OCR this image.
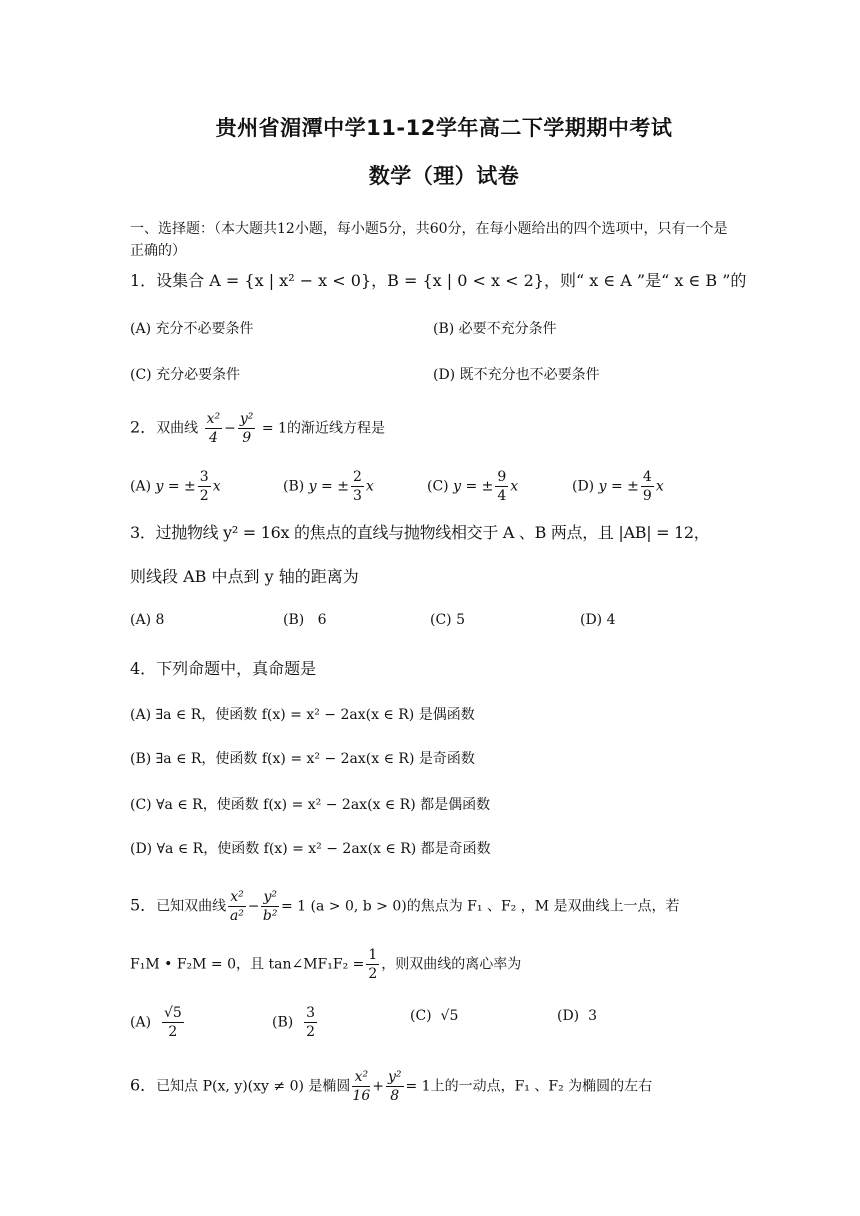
贵州省湄潭中学11-12学年高二下学期期中考试
数学（理）试卷
一、选择题：（本大题共12小题，每小题5分，共60分，在每小题给出的四个选项中，只有一个是正确的）
1．设集合 A = {x | x² − x < 0}，B = {x | 0 < x < 2}，则“ x ∈ A ”是“ x ∈ B ”的
(A) 充分不必要条件	(B) 必要不充分条件
(C) 充分必要条件	(D) 既不充分也不必要条件
2．双曲线 $\frac{\text{x²}}{4} - \frac{\text{y²}}{9} = 1$的渐近线方程是
(A) y = ± $\frac{3}{2}$ x	(B) y = ± $\frac{2}{3}$ x	(C) y = ± $\frac{9}{4}$ x	(D) y = ± $\frac{4}{9}$ x
3．过抛物线 y² = 16x 的焦点的直线与抛物线相交于 A 、B 两点，且 |AB| = 12，
则线段 AB 中点到 y 轴的距离为
(A) 8	(B) 6	(C) 5	(D) 4
4．下列命题中，真命题是
(A) ∃a ∈ R，使函数 f(x) = x² − 2ax(x ∈ R) 是偶函数
(B) ∃a ∈ R，使函数 f(x) = x² − 2ax(x ∈ R) 是奇函数
(C) ∀a ∈ R，使函数 f(x) = x² − 2ax(x ∈ R) 都是偶函数
(D) ∀a ∈ R，使函数 f(x) = x² − 2ax(x ∈ R) 都是奇函数
5．已知双曲线 $\frac{\text{x²}}{\text{a²}} - \frac{\text{y²}}{\text{b²}} = 1$ (a > 0, b > 0)的焦点为 F₁ 、F₂ ，M 是双曲线上一点，若
F₁M • F₂M = 0，且 tan∠MF₁F₂ = $\frac{1}{2}$ ，则双曲线的离心率为
$(A) \frac{√5}{2}$	$(B) \frac{3}{2}$	(C) √5	(D) 3
6．已知点 P(x, y)(xy ≠ 0) 是椭圆 $\frac{\text{x²}}{16} + \frac{\text{y²}}{8} = 1$上的一动点，F₁ 、F₂ 为椭圆的左右
